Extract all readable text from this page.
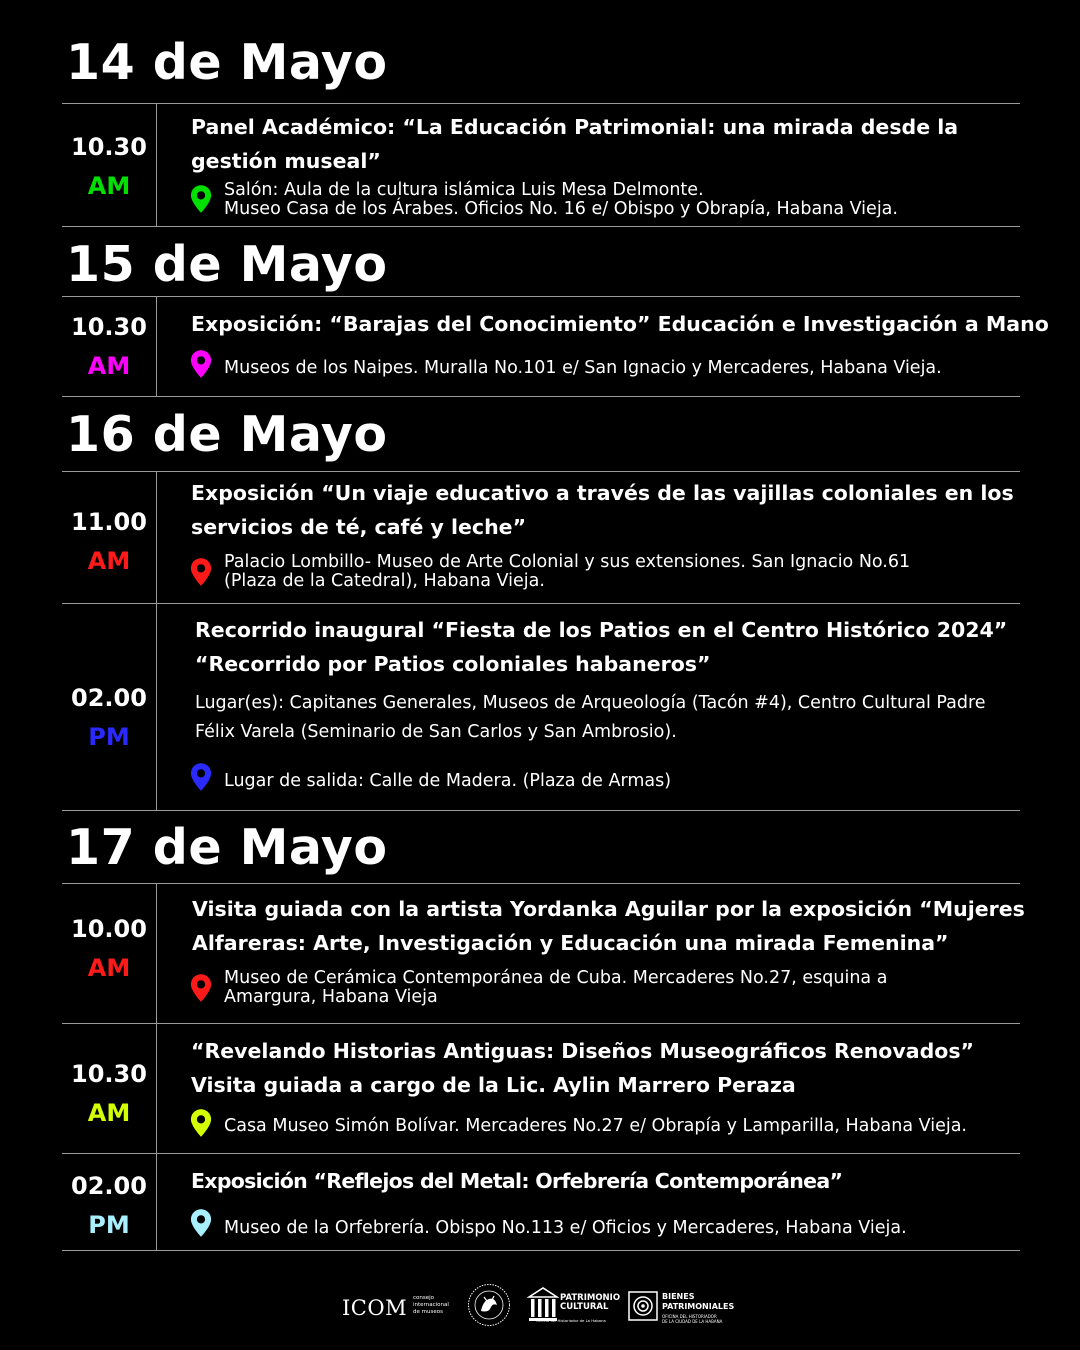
14 de Mayo
10.30
AM
Panel Académico: “La Educación Patrimonial: una mirada desde la
gestión museal”
Salón: Aula de la cultura islámica Luis Mesa Delmonte.
Museo Casa de los Árabes. Oficios No. 16 e/ Obispo y Obrapía, Habana Vieja.
15 de Mayo
10.30
AM
Exposición: “Barajas del Conocimiento” Educación e Investigación a Mano
Museos de los Naipes. Muralla No.101 e/ San Ignacio y Mercaderes, Habana Vieja.
16 de Mayo
11.00
AM
Exposición “Un viaje educativo a través de las vajillas coloniales en los
servicios de té, café y leche”
Palacio Lombillo- Museo de Arte Colonial y sus extensiones. San Ignacio No.61
(Plaza de la Catedral), Habana Vieja.
02.00
PM
Recorrido inaugural “Fiesta de los Patios en el Centro Histórico 2024”
“Recorrido por Patios coloniales habaneros”
Lugar(es): Capitanes Generales, Museos de Arqueología (Tacón #4), Centro Cultural Padre
Félix Varela (Seminario de San Carlos y San Ambrosio).
Lugar de salida: Calle de Madera. (Plaza de Armas)
17 de Mayo
10.00
AM
Visita guiada con la artista Yordanka Aguilar por la exposición “Mujeres
Alfareras: Arte, Investigación y Educación una mirada Femenina”
Museo de Cerámica Contemporánea de Cuba. Mercaderes No.27, esquina a
Amargura, Habana Vieja
10.30
AM
“Revelando Historias Antiguas: Diseños Museográficos Renovados”
Visita guiada a cargo de la Lic. Aylin Marrero Peraza
Casa Museo Simón Bolívar. Mercaderes No.27 e/ Obrapía y Lamparilla, Habana Vieja.
02.00
PM
Exposición “Reflejos del Metal: Orfebrería Contemporánea”
Museo de la Orfebrería. Obispo No.113 e/ Oficios y Mercaderes, Habana Vieja.
ICOM consejo
internacional
de museos
PATRIMONIO
CULTURAL
Oficina del Historiador de La Habana
BIENES
PATRIMONIALES
OFICINA DEL HISTORIADOR
DE LA CIUDAD DE LA HABANA
